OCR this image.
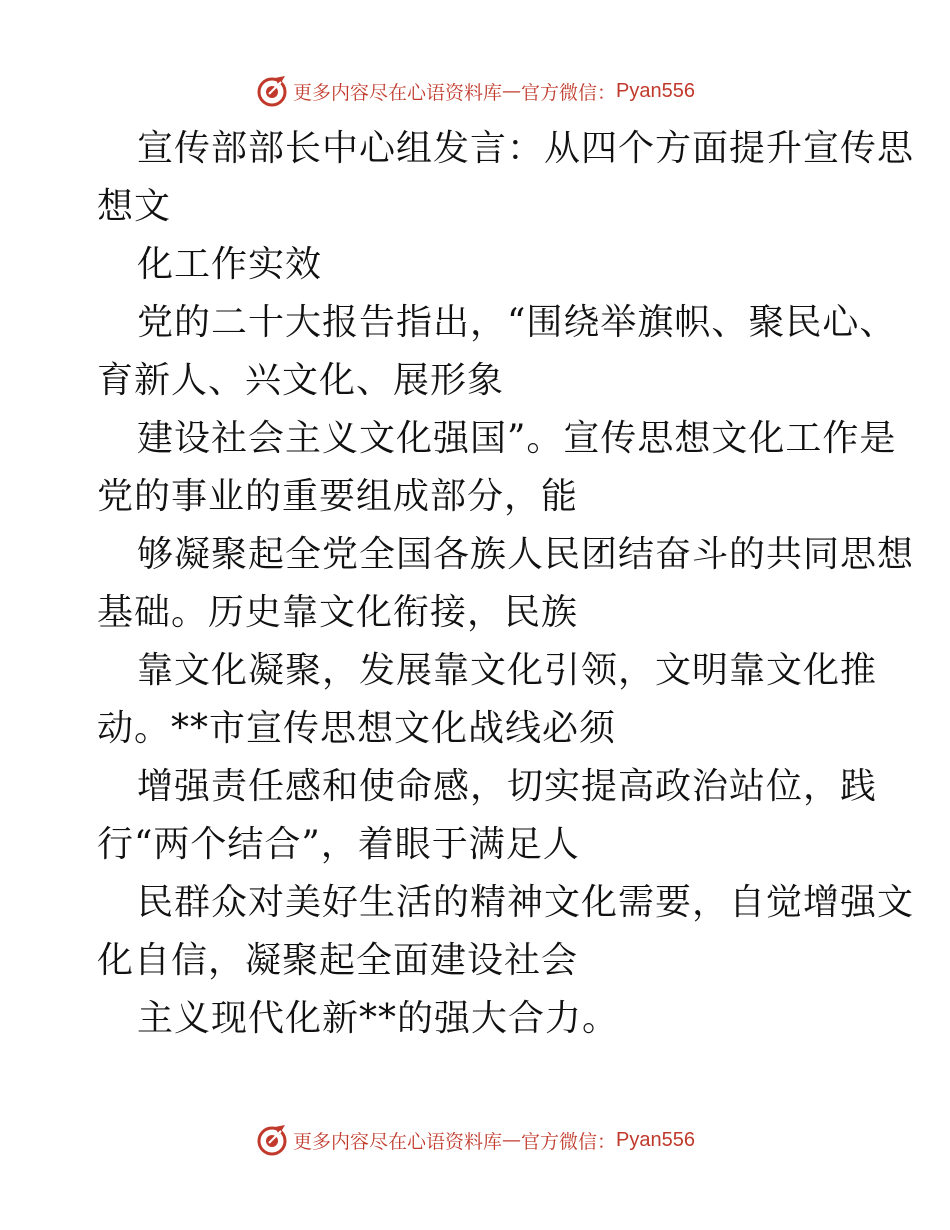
更多内容尽在心语资料库 — 官方微信： Pyan556
宣传部部长中心组发言：从四个方面提升宣传思
想文
化工作实效
党的二十大报告指出，“围绕举旗帜、聚民心、
育新人、兴文化、展形象
建设社会主义文化强国”。宣传思想文化工作是
党的事业的重要组成部分，能
够凝聚起全党全国各族人民团结奋斗的共同思想
基础。历史靠文化衔接，民族
靠文化凝聚，发展靠文化引领，文明靠文化推
动。**市宣传思想文化战线必须
增强责任感和使命感，切实提高政治站位，践
行“两个结合”，着眼于满足人
民群众对美好生活的精神文化需要，自觉增强文
化自信，凝聚起全面建设社会
主义现代化新**的强大合力。
更多内容尽在心语资料库 — 官方微信： Pyan556
